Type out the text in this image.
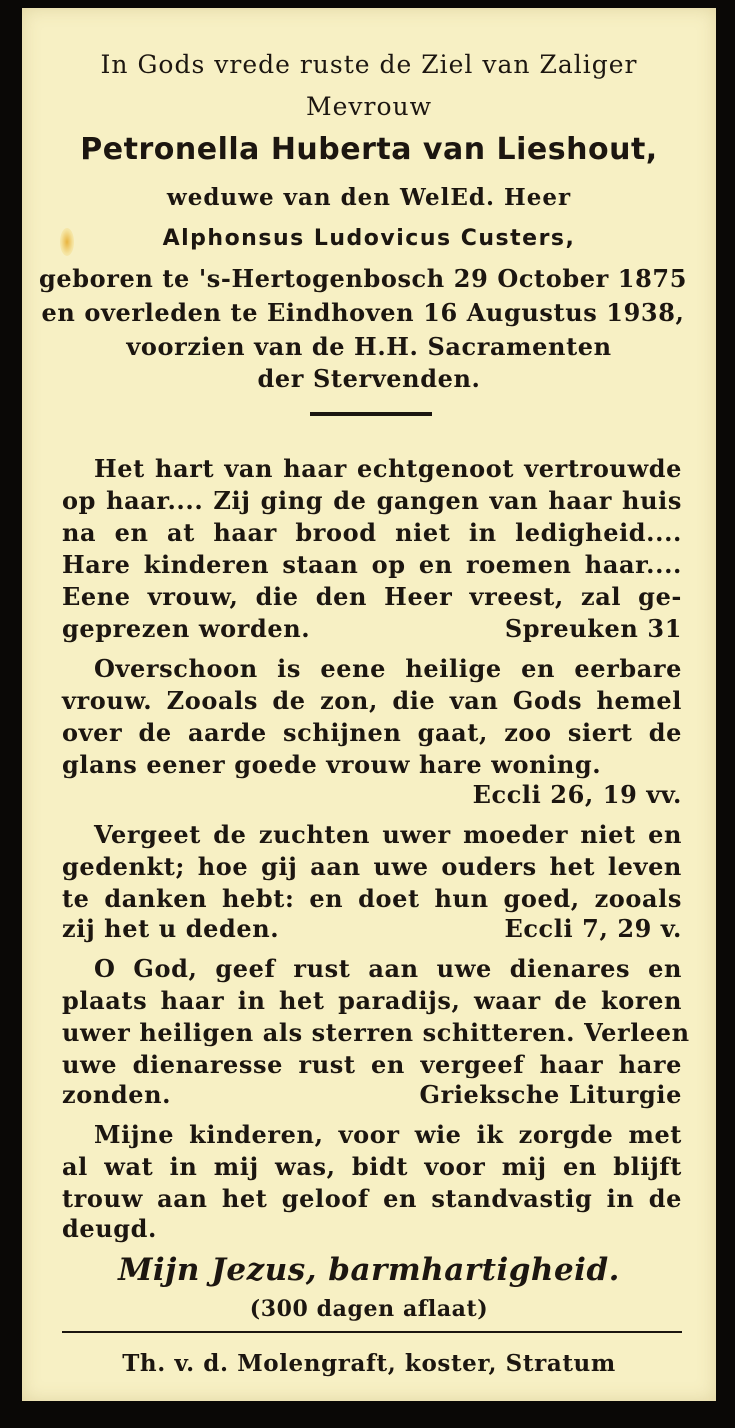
In Gods vrede ruste de Ziel van Zaliger
Mevrouw
Petronella Huberta van Lieshout,
weduwe van den WelEd. Heer
Alphonsus Ludovicus Custers,
geboren te 's-Hertogenbosch 29 October 1875
en overleden te Eindhoven 16 Augustus 1938,
voorzien van de H.H. Sacramenten
der Stervenden.
Het hart van haar echtgenoot vertrouwde
op haar.... Zij ging de gangen van haar huis
na en at haar brood niet in ledigheid....
Hare kinderen staan op en roemen haar....
Eene vrouw, die den Heer vreest, zal ge-
geprezen worden.	Spreuken 31
Overschoon is eene heilige en eerbare
vrouw. Zooals de zon, die van Gods hemel
over de aarde schijnen gaat, zoo siert de
glans eener goede vrouw hare woning.
Eccli 26, 19 vv.
Vergeet de zuchten uwer moeder niet en
gedenkt; hoe gij aan uwe ouders het leven
te danken hebt: en doet hun goed, zooals
zij het u deden.	Eccli 7, 29 v.
O God, geef rust aan uwe dienares en
plaats haar in het paradijs, waar de koren
uwer heiligen als sterren schitteren. Verleen
uwe dienaresse rust en vergeef haar hare
zonden.	Grieksche Liturgie
Mijne kinderen, voor wie ik zorgde met
al wat in mij was, bidt voor mij en blijft
trouw aan het geloof en standvastig in de
deugd.
Mijn Jezus, barmhartigheid.
(300 dagen aflaat)
Th. v. d. Molengraft, koster, Stratum
